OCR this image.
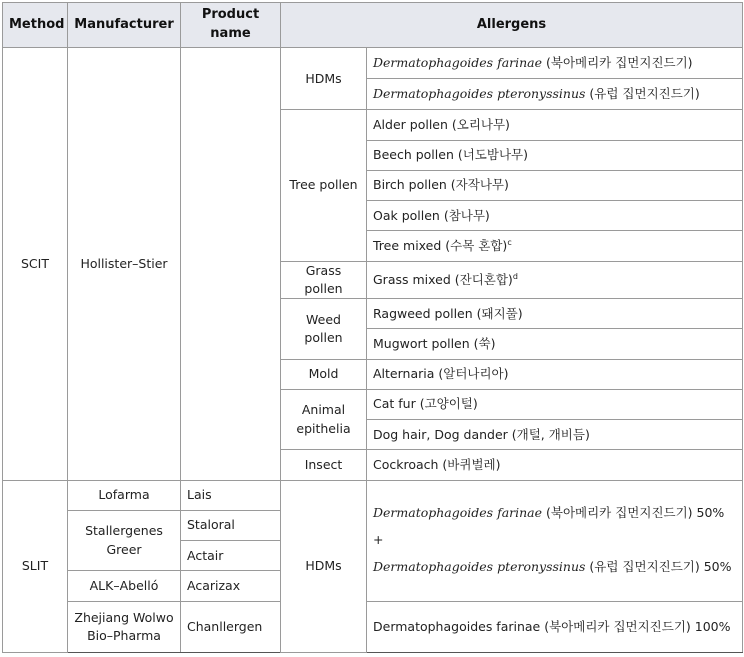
Method	Manufacturer	Product name	Allergens	
SCIT	Hollister–Stier		HDMs	Dermatophagoides farinae (북아메리카 집먼지진드기)
				Dermatophagoides pteronyssinus (유럽 집먼지진드기)
			Tree pollen	Alder pollen (오리나무)
				Beech pollen (너도밤나무)
				Birch pollen (자작나무)
				Oak pollen (참나무)
				Tree mixed (수목 혼합)$^c$
			Grass pollen	Grass mixed (잔디혼합)$^d$
			Weed pollen	Ragweed pollen (돼지풀)
				Mugwort pollen (쑥)
			Mold	Alternaria (알터나리아)
			Animal epithelia	Cat fur (고양이털)
				Dog hair, Dog dander (개털, 개비듬)
			Insect	Cockroach (바퀴벌레)
SLIT	Lofarma	Lais	HDMs	Dermatophagoides farinae (북아메리카 집먼지진드기) 50% +
Dermatophagoides pteronyssinus (유럽 집먼지진드기) 50%
	Stallergenes Greer	Staloral		
		Actair		
	ALK–Abelló	Acarizax		
	Zhejiang Wolwo Bio–Pharma	Chanllergen		Dermatophagoides farinae (북아메리카 집먼지진드기) 100%
